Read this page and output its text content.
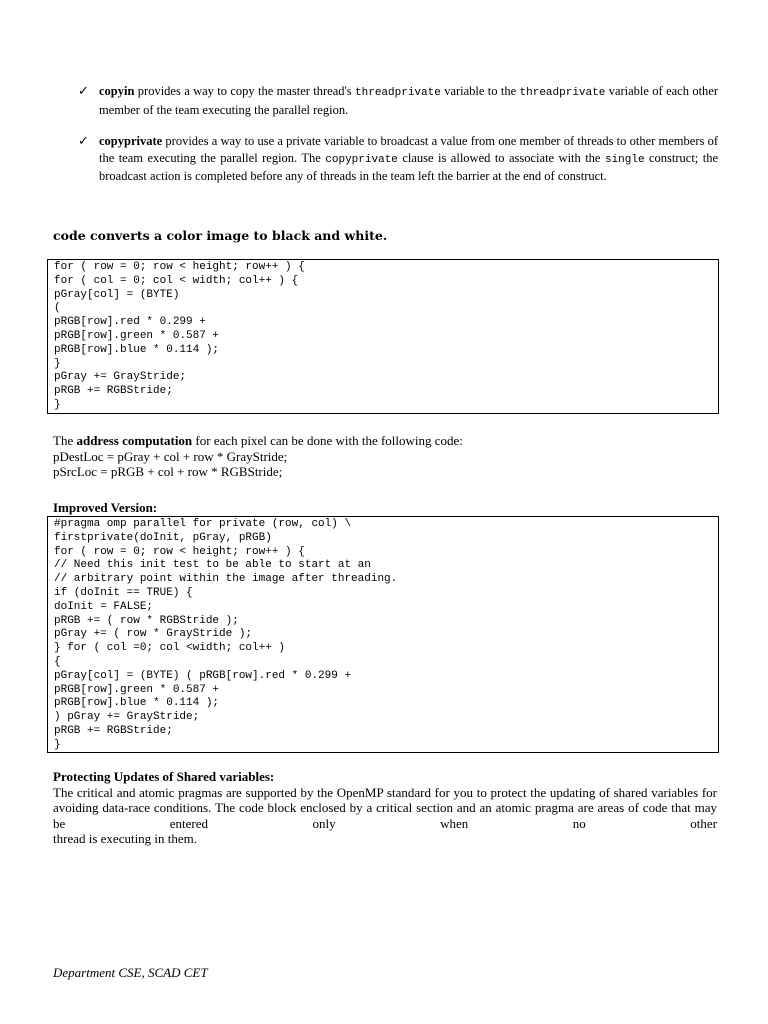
✓ copyin provides a way to copy the master thread's threadprivate variable to the threadprivate variable of each other member of the team executing the parallel region.
✓ copyprivate provides a way to use a private variable to broadcast a value from one member of threads to other members of the team executing the parallel region. The copyprivate clause is allowed to associate with the single construct; the broadcast action is completed before any of threads in the team left the barrier at the end of construct.
code converts a color image to black and white.
for ( row = 0; row < height; row++ ) {
for ( col = 0; col < width; col++ ) {
pGray[col] = (BYTE)
(
pRGB[row].red * 0.299 +
pRGB[row].green * 0.587 +
pRGB[row].blue * 0.114 );
}
pGray += GrayStride;
pRGB += RGBStride;
}
The address computation for each pixel can be done with the following code:
pDestLoc = pGray + col + row * GrayStride;
pSrcLoc = pRGB + col + row * RGBStride;
Improved Version:
#pragma omp parallel for private (row, col) \
firstprivate(doInit, pGray, pRGB)
for ( row = 0; row < height; row++ ) {
// Need this init test to be able to start at an
// arbitrary point within the image after threading.
if (doInit == TRUE) {
doInit = FALSE;
pRGB += ( row * RGBStride );
pGray += ( row * GrayStride );
} for ( col =0; col <width; col++ )
{
pGray[col] = (BYTE) ( pRGB[row].red * 0.299 +
pRGB[row].green * 0.587 +
pRGB[row].blue * 0.114 );
) pGray += GrayStride;
pRGB += RGBStride;
}
Protecting Updates of Shared variables:
The critical and atomic pragmas are supported by the OpenMP standard for you to protect the updating of shared variables for avoiding data-race conditions. The code block enclosed by a critical section and an atomic pragma are areas of code that may be entered only when no other
thread is executing in them.
Department CSE, SCAD CET
